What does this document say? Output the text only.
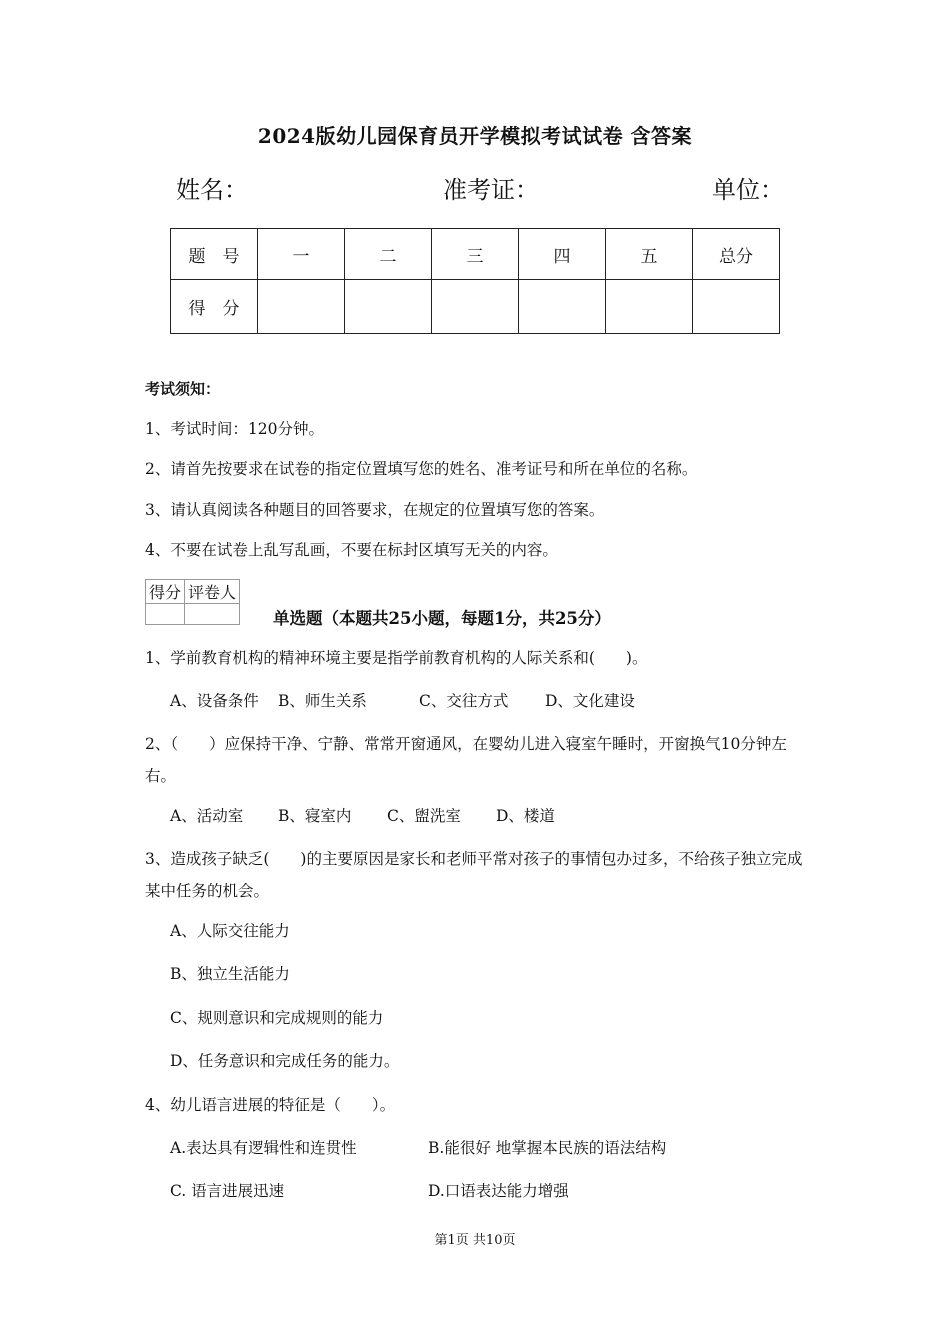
2024版幼儿园保育员开学模拟考试试卷 含答案
姓名：	准考证：	单位：
题　号	一	二	三	四	五	总分
得　分						
考试须知：
1、考试时间：120分钟。
2、请首先按要求在试卷的指定位置填写您的姓名、准考证号和所在单位的名称。
3、请认真阅读各种题目的回答要求，在规定的位置填写您的答案。
4、不要在试卷上乱写乱画，不要在标封区填写无关的内容。
得分	评卷人

单选题（本题共25小题，每题1分，共25分）
1、学前教育机构的精神环境主要是指学前教育机构的人际关系和(　　)。
A、设备条件 B、师生关系	C、交往方式 D、文化建设
2、（　　）应保持干净、宁静、常常开窗通风，在婴幼儿进入寝室午睡时，开窗换气10分钟左右。
A、活动室 B、寝室内 C、盥洗室 D、楼道
3、造成孩子缺乏(　　)的主要原因是家长和老师平常对孩子的事情包办过多，不给孩子独立完成某中任务的机会。
A、人际交往能力
B、独立生活能力
C、规则意识和完成规则的能力
D、任务意识和完成任务的能力。
4、幼儿语言进展的特征是（　　）。
A.表达具有逻辑性和连贯性	B.能很好 地掌握本民族的语法结构
C. 语言进展迅速	D.口语表达能力增强
第1页 共10页
